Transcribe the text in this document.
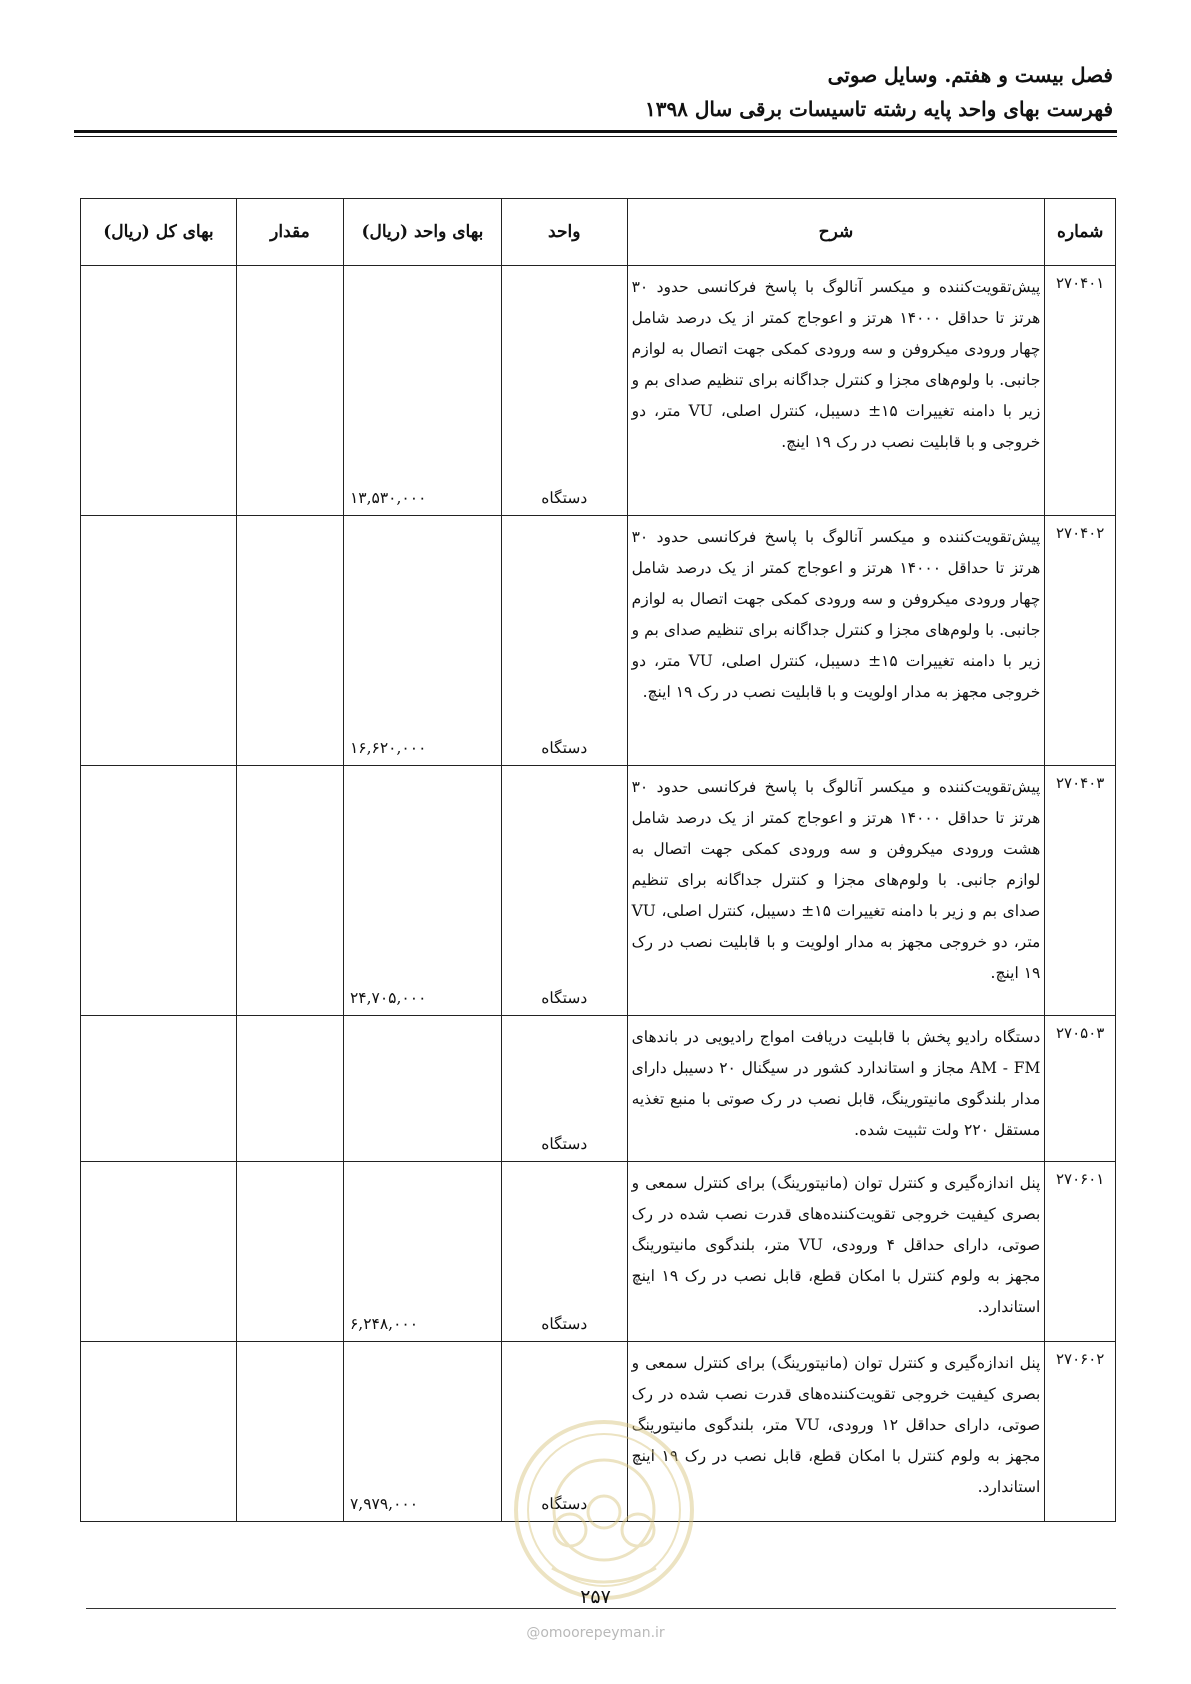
فصل بیست و هفتم. وسایل صوتی
فهرست بهای واحد پایه رشته تاسیسات برقی سال ۱۳۹۸
شماره	شرح	واحد	بهای واحد (ریال)	مقدار	بهای کل (ریال)
۲۷۰۴۰۱	پیش‌تقویت‌کننده و میکسر آنالوگ با پاسخ فرکانسی حدود ۳۰ هرتز تا حداقل ۱۴۰۰۰ هرتز و اعوجاج کمتر از یک درصد شامل چهار ورودی میکروفن و سه ورودی کمکی جهت اتصال به لوازم جانبی. با ولوم‌های مجزا و کنترل جداگانه برای تنظیم صدای بم و زیر با دامنه تغییرات ۱۵± دسیبل، کنترل اصلی، VU متر، دو خروجی و با قابلیت نصب در رک ۱۹ اینچ.	دستگاه	۱۳,۵۳۰,۰۰۰		
۲۷۰۴۰۲	پیش‌تقویت‌کننده و میکسر آنالوگ با پاسخ فرکانسی حدود ۳۰ هرتز تا حداقل ۱۴۰۰۰ هرتز و اعوجاج کمتر از یک درصد شامل چهار ورودی میکروفن و سه ورودی کمکی جهت اتصال به لوازم جانبی. با ولوم‌های مجزا و کنترل جداگانه برای تنظیم صدای بم و زیر با دامنه تغییرات ۱۵± دسیبل، کنترل اصلی، VU متر، دو خروجی مجهز به مدار اولویت و با قابلیت نصب در رک ۱۹ اینچ.	دستگاه	۱۶,۶۲۰,۰۰۰		
۲۷۰۴۰۳	پیش‌تقویت‌کننده و میکسر آنالوگ با پاسخ فرکانسی حدود ۳۰ هرتز تا حداقل ۱۴۰۰۰ هرتز و اعوجاج کمتر از یک درصد شامل هشت ورودی میکروفن و سه ورودی کمکی جهت اتصال به لوازم جانبی. با ولوم‌های مجزا و کنترل جداگانه برای تنظیم صدای بم و زیر با دامنه تغییرات ۱۵± دسیبل، کنترل اصلی، VU متر، دو خروجی مجهز به مدار اولویت و با قابلیت نصب در رک ۱۹ اینچ.	دستگاه	۲۴,۷۰۵,۰۰۰		
۲۷۰۵۰۳	دستگاه رادیو پخش با قابلیت دریافت امواج رادیویی در باندهای AM - FM مجاز و استاندارد کشور در سیگنال ۲۰ دسیبل دارای مدار بلندگوی مانیتورینگ، قابل نصب در رک صوتی با منبع تغذیه مستقل ۲۲۰ ولت تثبیت شده.	دستگاه			
۲۷۰۶۰۱	پنل اندازه‌گیری و کنترل توان (مانیتورینگ) برای کنترل سمعی و بصری کیفیت خروجی تقویت‌کننده‌های قدرت نصب شده در رک صوتی، دارای حداقل ۴ ورودی، VU متر، بلندگوی مانیتورینگ مجهز به ولوم کنترل با امکان قطع، قابل نصب در رک ۱۹ اینچ استاندارد.	دستگاه	۶,۲۴۸,۰۰۰		
۲۷۰۶۰۲	پنل اندازه‌گیری و کنترل توان (مانیتورینگ) برای کنترل سمعی و بصری کیفیت خروجی تقویت‌کننده‌های قدرت نصب شده در رک صوتی، دارای حداقل ۱۲ ورودی، VU متر، بلندگوی مانیتورینگ مجهز به ولوم کنترل با امکان قطع، قابل نصب در رک ۱۹ اینچ استاندارد.	دستگاه	۷,۹۷۹,۰۰۰		
۲۵۷
@omoorepeyman.ir
